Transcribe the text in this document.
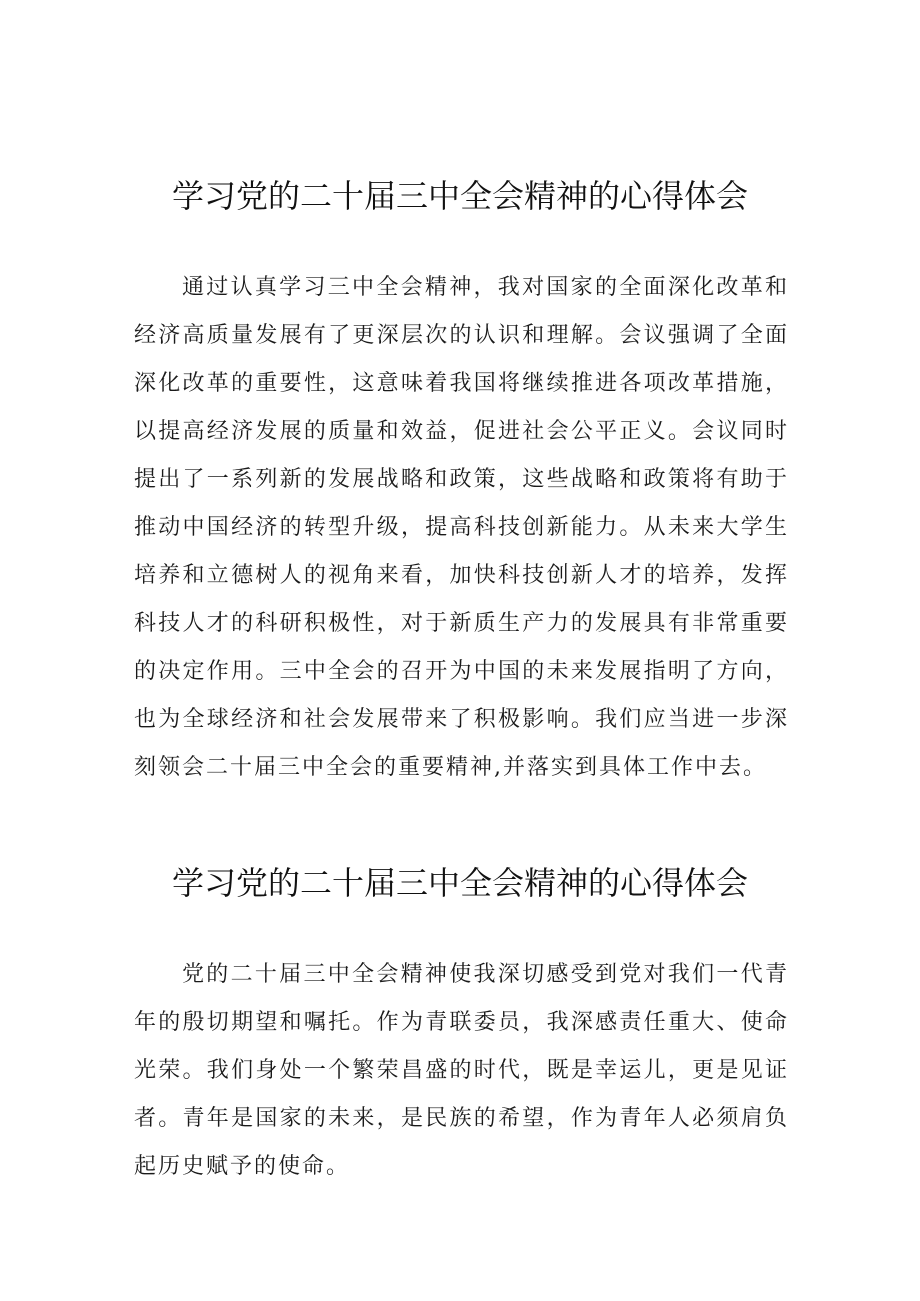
学习党的二十届三中全会精神的心得体会

通过认真学习三中全会精神，我对国家的全面深化改革和经济高质量发展有了更深层次的认识和理解。会议强调了全面深化改革的重要性，这意味着我国将继续推进各项改革措施，以提高经济发展的质量和效益，促进社会公平正义。会议同时提出了一系列新的发展战略和政策，这些战略和政策将有助于推动中国经济的转型升级，提高科技创新能力。从未来大学生培养和立德树人的视角来看，加快科技创新人才的培养，发挥科技人才的科研积极性，对于新质生产力的发展具有非常重要的决定作用。三中全会的召开为中国的未来发展指明了方向，也为全球经济和社会发展带来了积极影响。我们应当进一步深刻领会二十届三中全会的重要精神,并落实到具体工作中去。

学习党的二十届三中全会精神的心得体会

党的二十届三中全会精神使我深切感受到党对我们一代青年的殷切期望和嘱托。作为青联委员，我深感责任重大、使命光荣。我们身处一个繁荣昌盛的时代，既是幸运儿，更是见证者。青年是国家的未来，是民族的希望，作为青年人必须肩负起历史赋予的使命。
